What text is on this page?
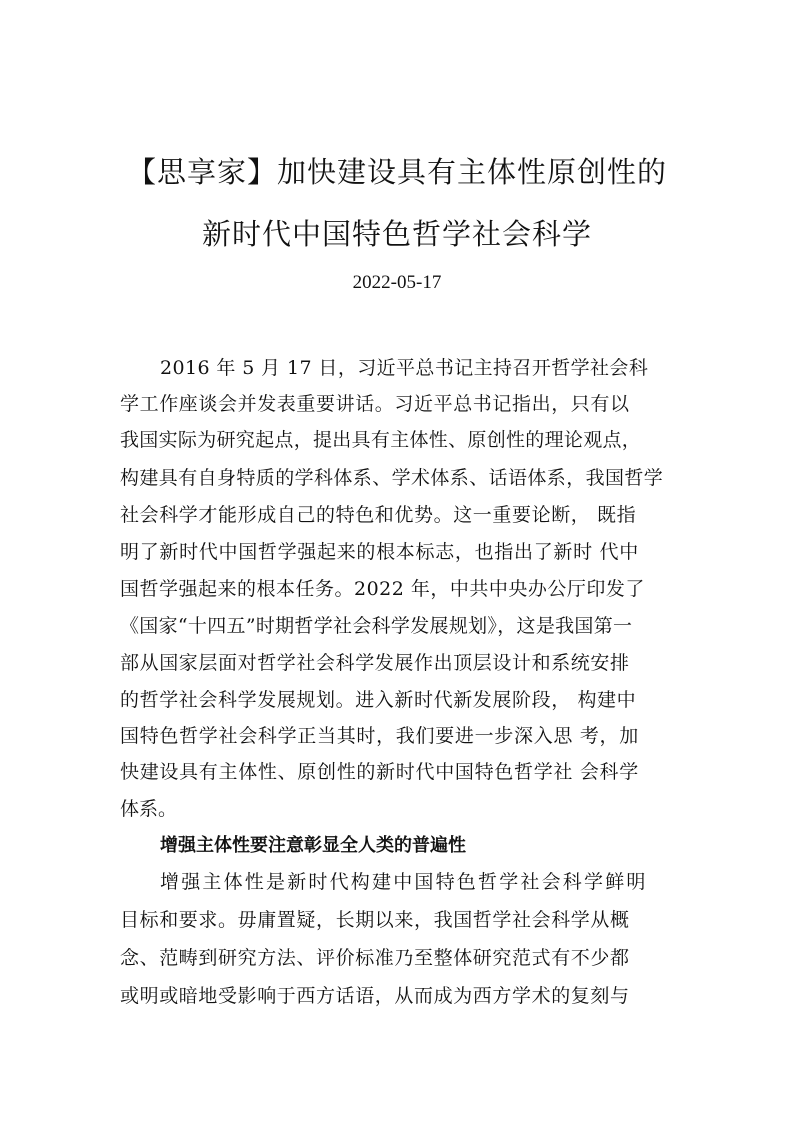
【思享家】加快建设具有主体性原创性的
新时代中国特色哲学社会科学
2022-05-17
2016 年 5 月 17 日，习近平总书记主持召开哲学社会科
学工作座谈会并发表重要讲话。习近平总书记指出，只有以
我国实际为研究起点，提出具有主体性、原创性的理论观点，
构建具有自身特质的学科体系、学术体系、话语体系，我国哲学
社会科学才能形成自己的特色和优势。这一重要论断， 既指
明了新时代中国哲学强起来的根本标志，也指出了新时 代中
国哲学强起来的根本任务。2022 年，中共中央办公厅印发了
《国家“十四五”时期哲学社会科学发展规划》，这是我国第一
部从国家层面对哲学社会科学发展作出顶层设计和系统安排
的哲学社会科学发展规划。进入新时代新发展阶段， 构建中
国特色哲学社会科学正当其时，我们要进一步深入思 考，加
快建设具有主体性、原创性的新时代中国特色哲学社 会科学
体系。
增强主体性要注意彰显全人类的普遍性
增强主体性是新时代构建中国特色哲学社会科学鲜明
目标和要求。毋庸置疑，长期以来，我国哲学社会科学从概
念、范畴到研究方法、评价标准乃至整体研究范式有不少都
或明或暗地受影响于西方话语，从而成为西方学术的复刻与
